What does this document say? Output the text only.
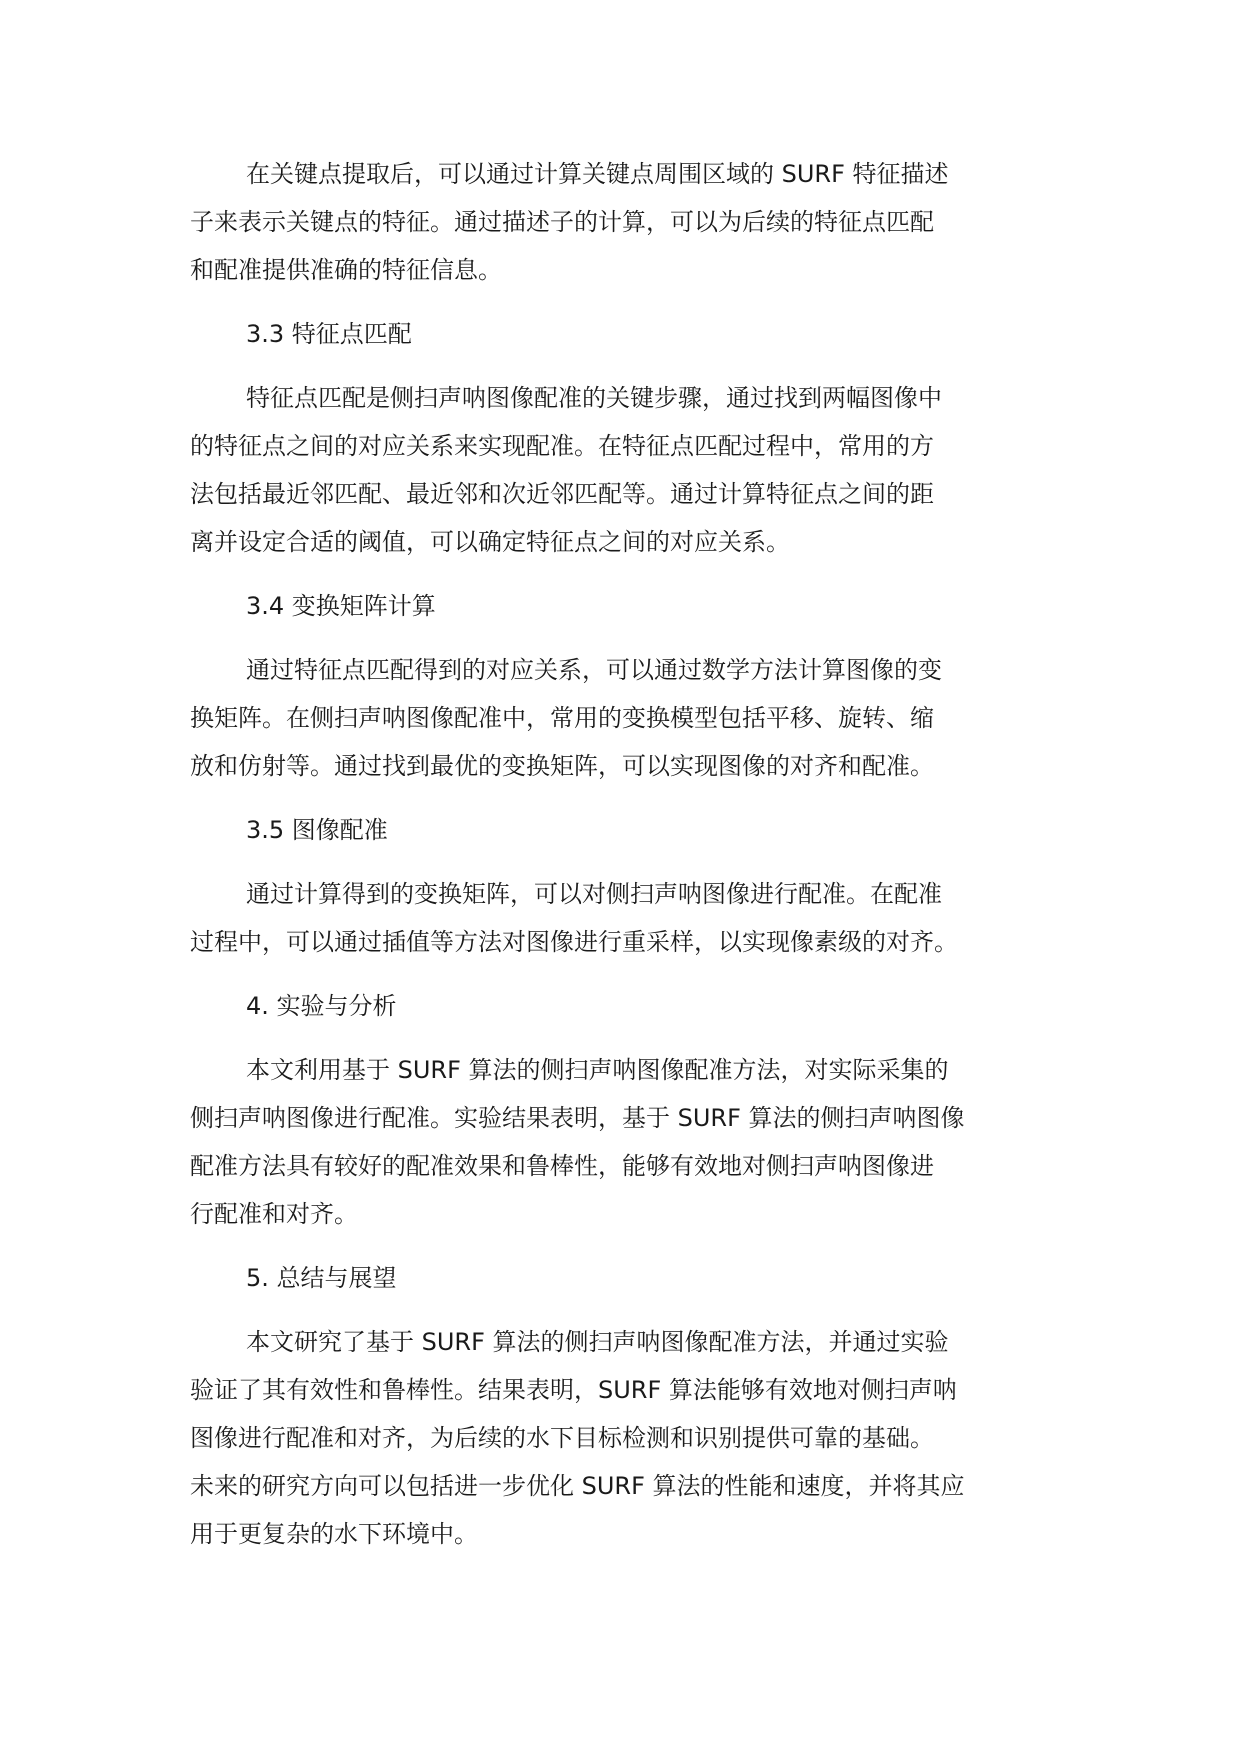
在关键点提取后，可以通过计算关键点周围区域的 SURF 特征描述
子来表示关键点的特征。通过描述子的计算，可以为后续的特征点匹配
和配准提供准确的特征信息。
3.3 特征点匹配
特征点匹配是侧扫声呐图像配准的关键步骤，通过找到两幅图像中
的特征点之间的对应关系来实现配准。在特征点匹配过程中，常用的方
法包括最近邻匹配、最近邻和次近邻匹配等。通过计算特征点之间的距
离并设定合适的阈值，可以确定特征点之间的对应关系。
3.4 变换矩阵计算
通过特征点匹配得到的对应关系，可以通过数学方法计算图像的变
换矩阵。在侧扫声呐图像配准中，常用的变换模型包括平移、旋转、缩
放和仿射等。通过找到最优的变换矩阵，可以实现图像的对齐和配准。
3.5 图像配准
通过计算得到的变换矩阵，可以对侧扫声呐图像进行配准。在配准
过程中，可以通过插值等方法对图像进行重采样，以实现像素级的对齐。
4. 实验与分析
本文利用基于 SURF 算法的侧扫声呐图像配准方法，对实际采集的
侧扫声呐图像进行配准。实验结果表明，基于 SURF 算法的侧扫声呐图像
配准方法具有较好的配准效果和鲁棒性，能够有效地对侧扫声呐图像进
行配准和对齐。
5. 总结与展望
本文研究了基于 SURF 算法的侧扫声呐图像配准方法，并通过实验
验证了其有效性和鲁棒性。结果表明，SURF 算法能够有效地对侧扫声呐
图像进行配准和对齐，为后续的水下目标检测和识别提供可靠的基础。
未来的研究方向可以包括进一步优化 SURF 算法的性能和速度，并将其应
用于更复杂的水下环境中。
